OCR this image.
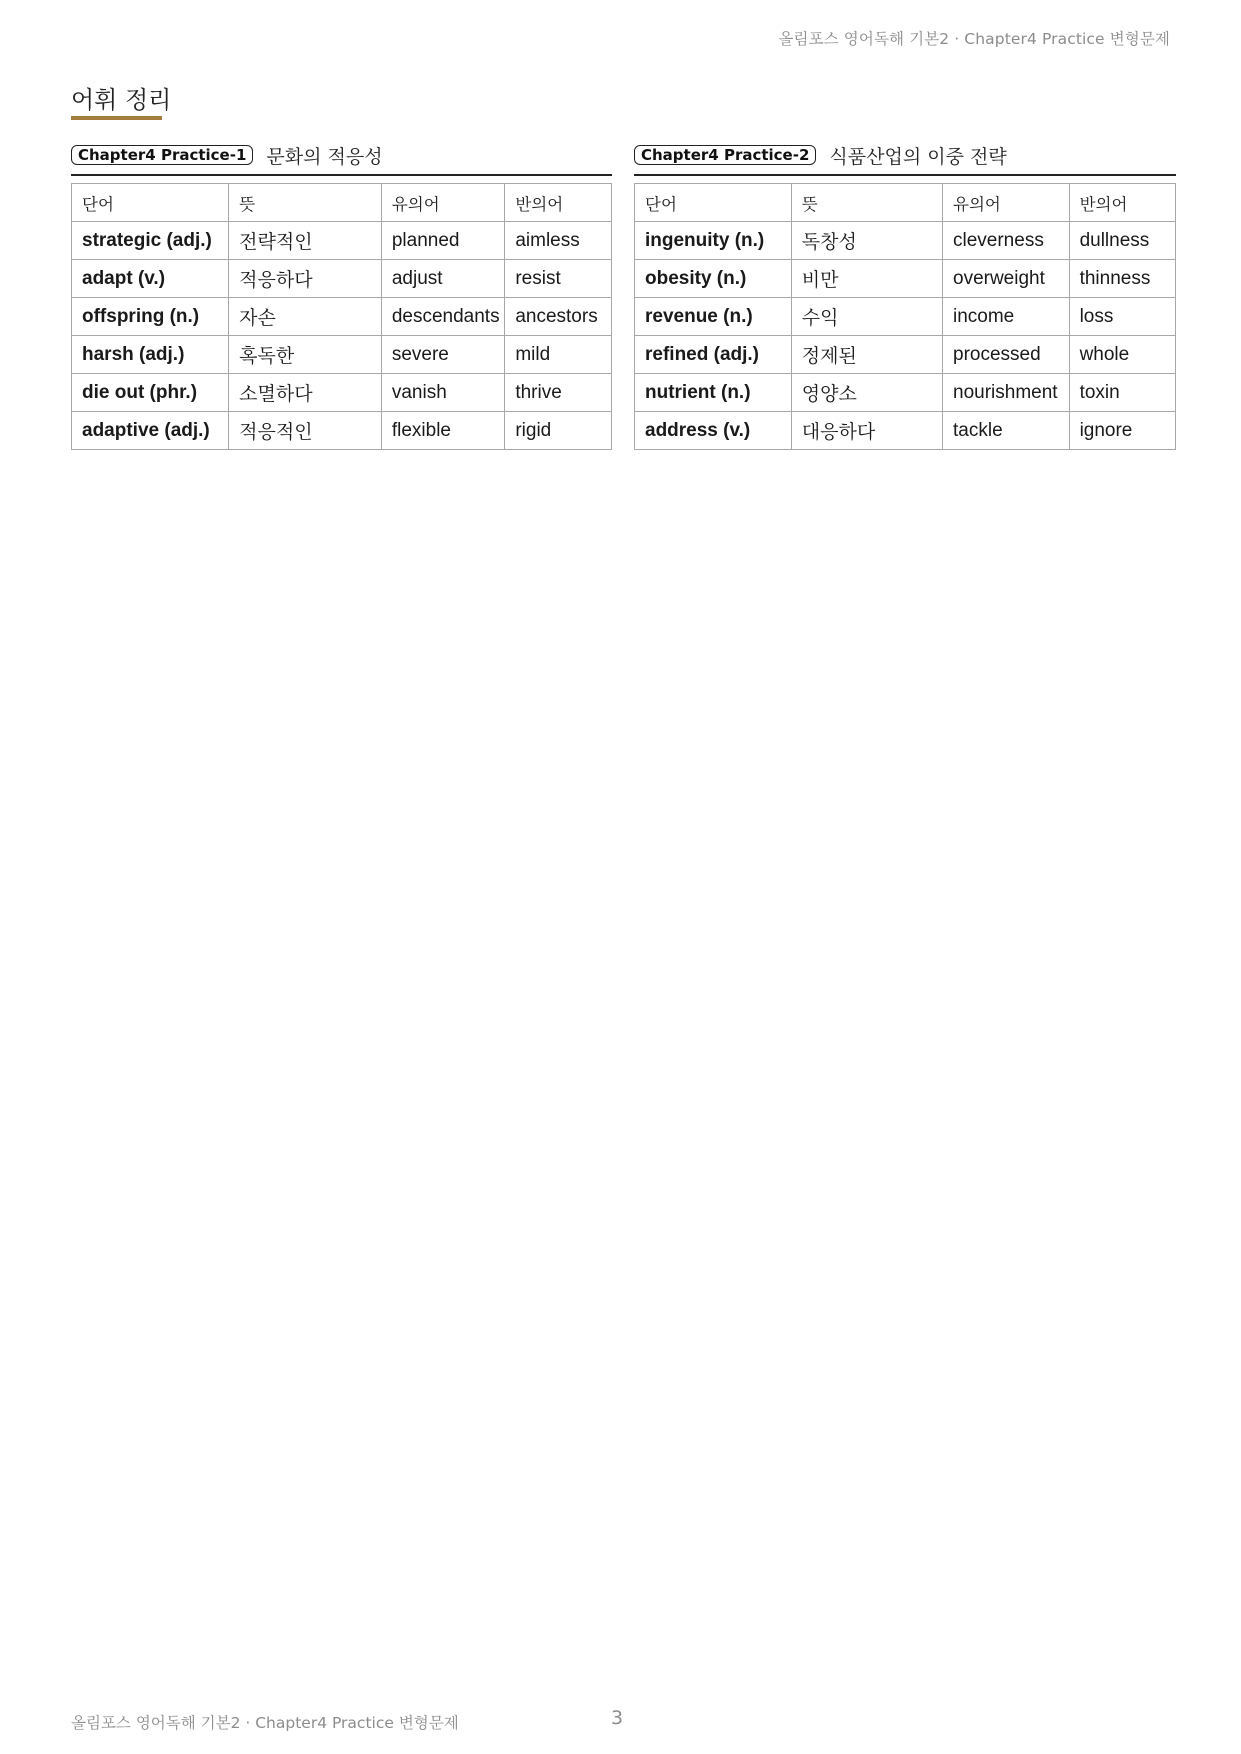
올림포스 영어독해 기본2 · Chapter4 Practice 변형문제
어휘 정리
Chapter4 Practice-1	문화의 적응성
단어	뜻	유의어	반의어
strategic (adj.)	전략적인	planned	aimless
adapt (v.)	적응하다	adjust	resist
offspring (n.)	자손	descendants	ancestors
harsh (adj.)	혹독한	severe	mild
die out (phr.)	소멸하다	vanish	thrive
adaptive (adj.)	적응적인	flexible	rigid
Chapter4 Practice-2	식품산업의 이중 전략
단어	뜻	유의어	반의어
ingenuity (n.)	독창성	cleverness	dullness
obesity (n.)	비만	overweight	thinness
revenue (n.)	수익	income	loss
refined (adj.)	정제된	processed	whole
nutrient (n.)	영양소	nourishment	toxin
address (v.)	대응하다	tackle	ignore
올림포스 영어독해 기본2 · Chapter4 Practice 변형문제	3
